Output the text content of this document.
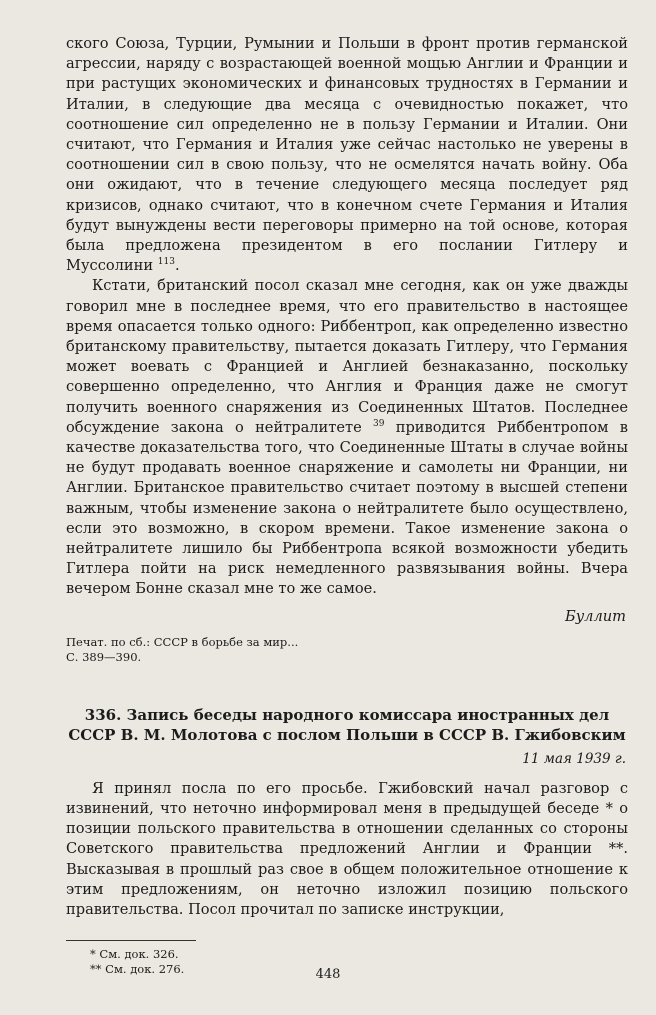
ского Союза, Турции, Румынии и Польши в фронт против германской агрессии, наряду с возрастающей военной мощью Англии и Франции и при растущих экономических и финансовых трудностях в Германии и Италии, в следующие два месяца с очевидностью покажет, что соотношение сил определенно не в пользу Германии и Италии. Они считают, что Германия и Италия уже сейчас настолько не уверены в соотношении сил в свою пользу, что не осмелятся начать войну. Оба они ожидают, что в течение следующего месяца последует ряд кризисов, однако считают, что в конечном счете Германия и Италия будут вынуждены вести переговоры примерно на той основе, которая была предложена президентом в его послании Гитлеру и Муссолини $^{113}$.

Кстати, британский посол сказал мне сегодня, как он уже дважды говорил мне в последнее время, что его правительство в настоящее время опасается только одного: Риббентроп, как определенно известно британскому правительству, пытается доказать Гитлеру, что Германия может воевать с Францией и Англией безнаказанно, поскольку совершенно определенно, что Англия и Франция даже не смогут получить военного снаряжения из Соединенных Штатов. Последнее обсуждение закона о нейтралитете $^{39}$ приводится Риббентропом в качестве доказательства того, что Соединенные Штаты в случае войны не будут продавать военное снаряжение и самолеты ни Франции, ни Англии. Британское правительство считает поэтому в высшей степени важным, чтобы изменение закона о нейтралитете было осуществлено, если это возможно, в скором времени. Такое изменение закона о нейтралитете лишило бы Риббентропа всякой возможности убедить Гитлера пойти на риск немедленного развязывания войны. Вчера вечером Бонне сказал мне то же самое.

Буллит

Печат. по сб.: СССР в борьбе за мир...
С. 389—390.

336. Запись беседы народного комиссара иностранных дел СССР В. М. Молотова с послом Польши в СССР В. Гжибовским

11 мая 1939 г.

Я принял посла по его просьбе. Гжибовский начал разговор с извинений, что неточно информировал меня в предыдущей беседе * о позиции польского правительства в отношении сделанных со стороны Советского правительства предложений Англии и Франции **. Высказывая в прошлый раз свое в общем положительное отношение к этим предложениям, он неточно изложил позицию польского правительства. Посол прочитал по записке инструкции,

* См. док. 326.
** См. док. 276.	448
